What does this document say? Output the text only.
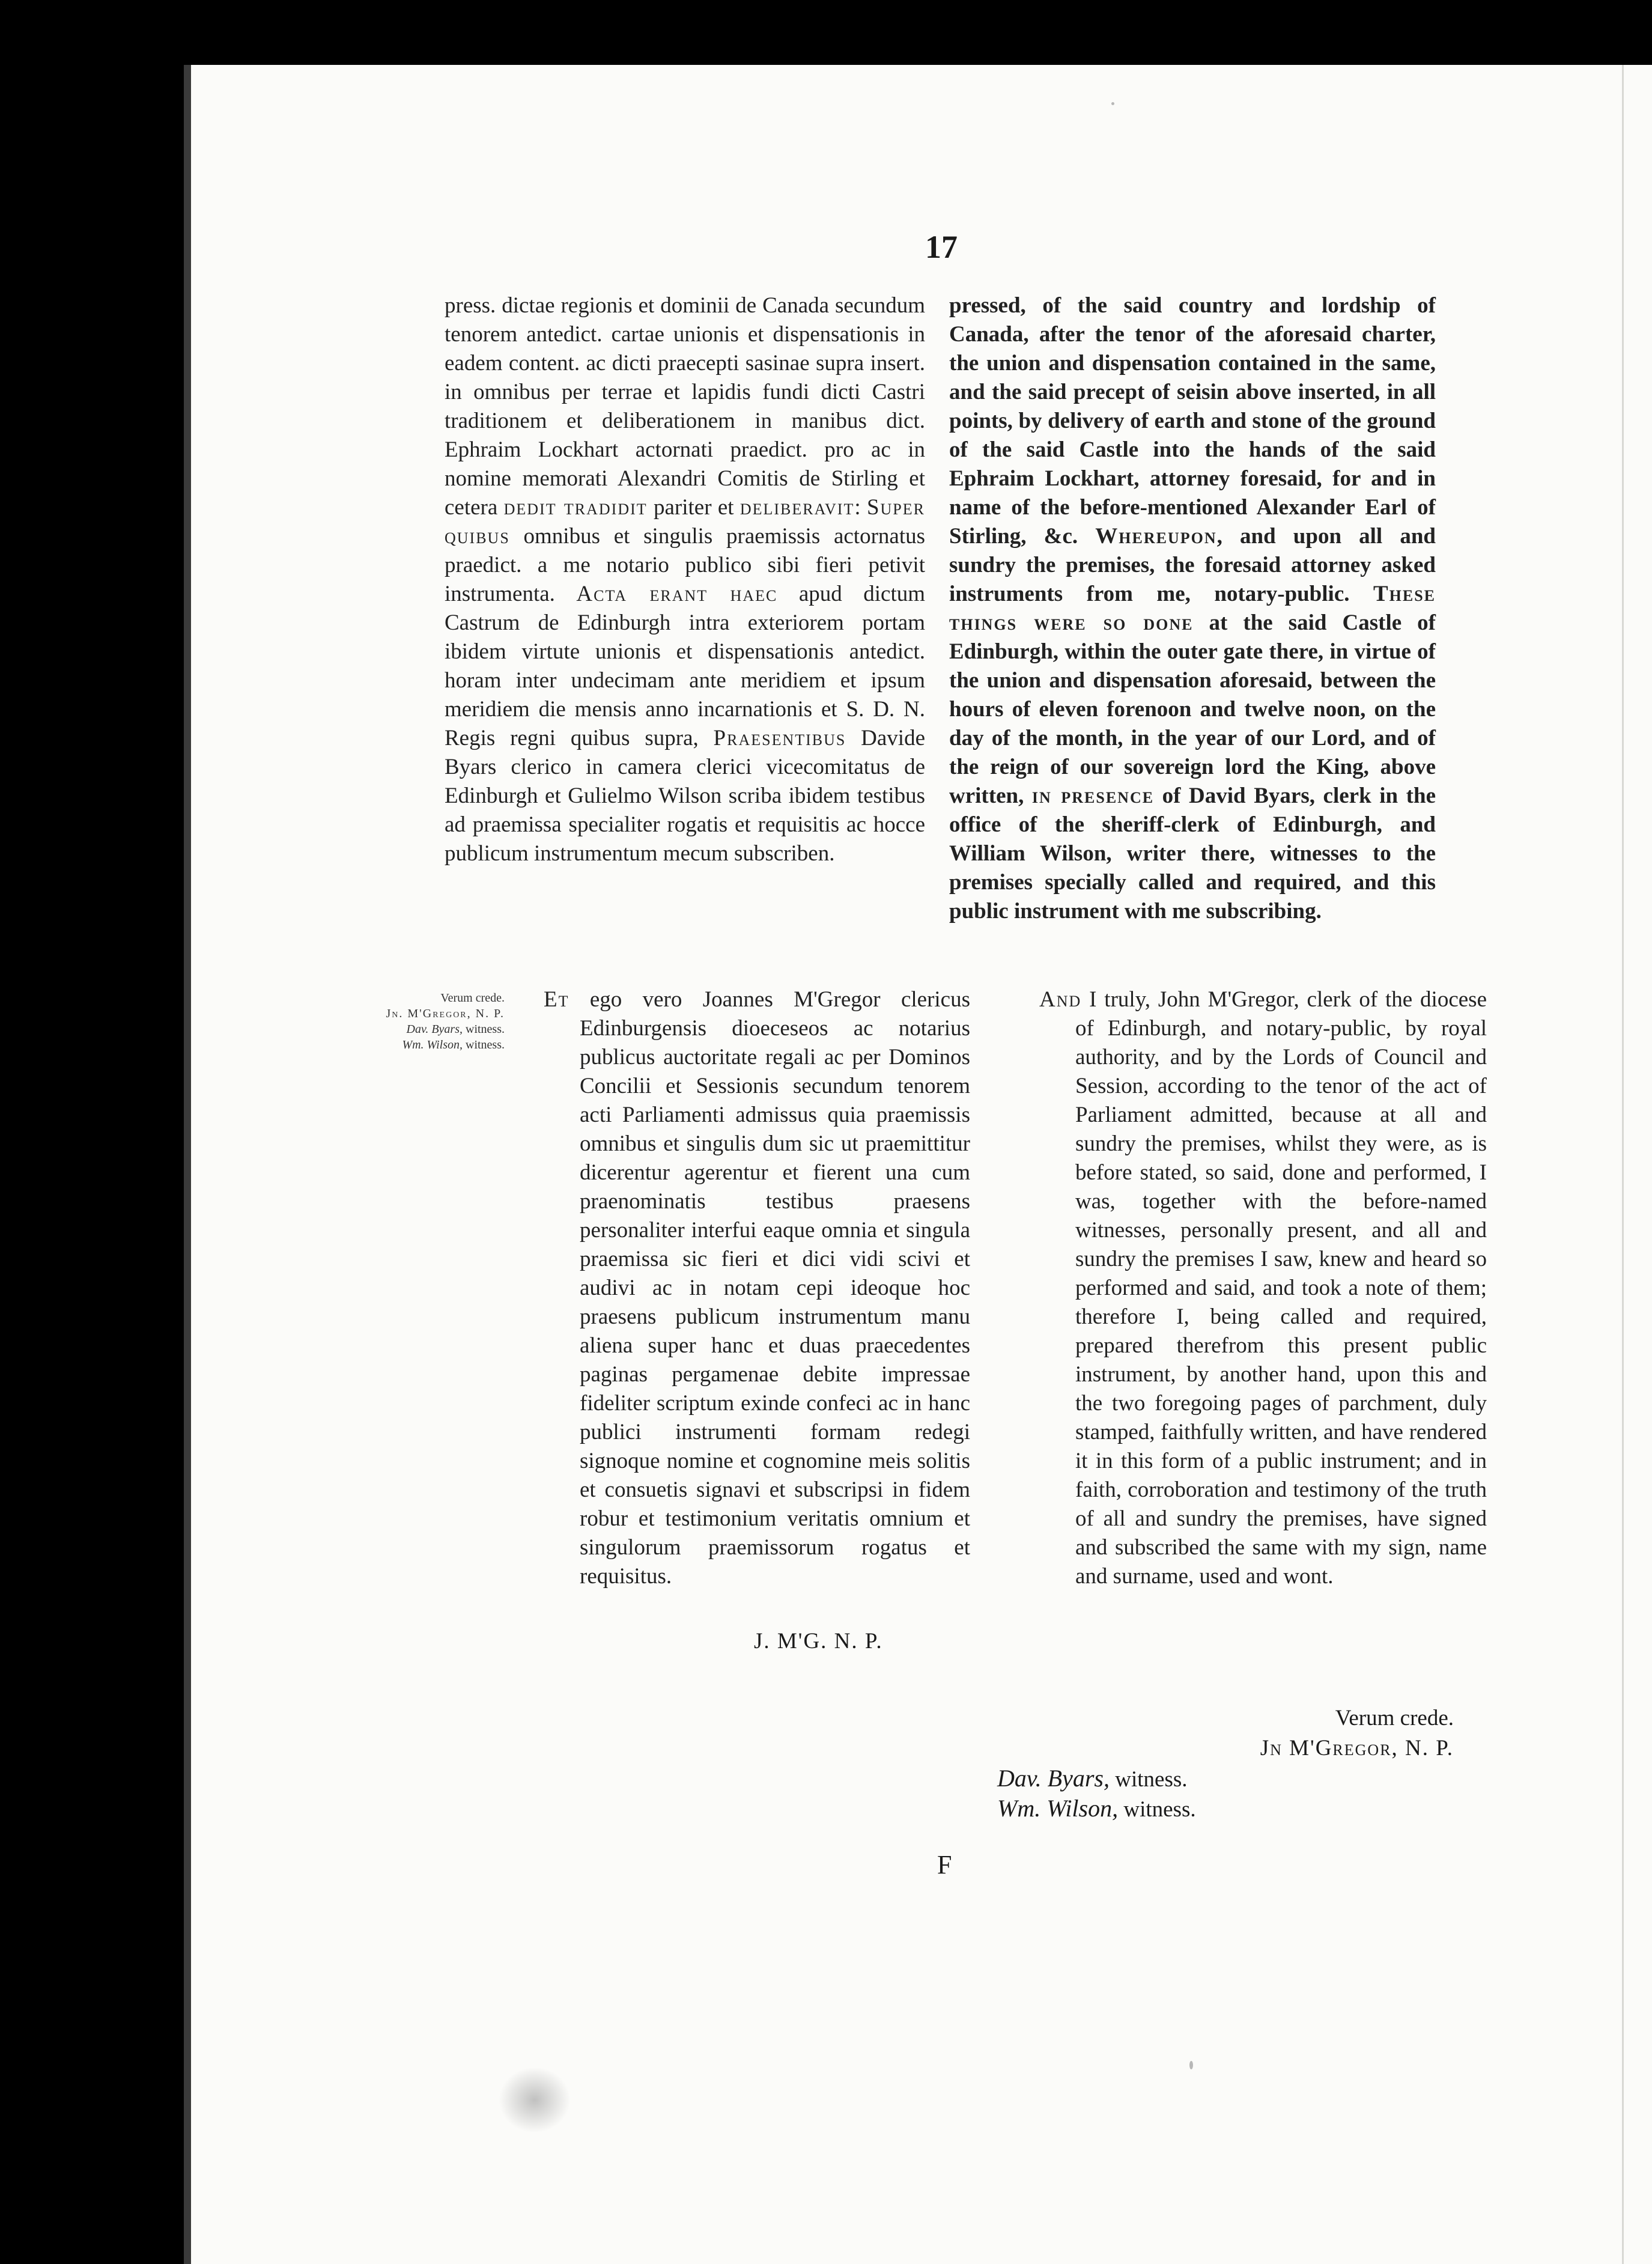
17

press. dictae regionis et dominii de Canada secundum tenorem antedict. cartae unionis et dispensationis in eadem content. ac dicti praecepti sasinae supra insert. in omnibus per terrae et lapidis fundi dicti Castri traditionem et deliberationem in manibus dict. Ephraim Lockhart actornati praedict. pro ac in nomine memorati Alexandri Comitis de Stirling et cetera dedit tradidit pariter et deliberavit: Super quibus omnibus et singulis praemissis actornatus praedict. a me notario publico sibi fieri petivit instrumenta. Acta erant haec apud dictum Castrum de Edinburgh intra exteriorem portam ibidem virtute unionis et dispensationis antedict. horam inter undecimam ante meridiem et ipsum meridiem die mensis anno incarnationis et S. D. N. Regis regni quibus supra, Praesentibus Davide Byars clerico in camera clerici vicecomitatus de Edinburgh et Gulielmo Wilson scriba ibidem testibus ad praemissa specialiter rogatis et requisitis ac hocce publicum instrumentum mecum subscriben.

pressed, of the said country and lordship of Canada, after the tenor of the aforesaid charter, the union and dispensation contained in the same, and the said precept of seisin above inserted, in all points, by delivery of earth and stone of the ground of the said Castle into the hands of the said Ephraim Lockhart, attorney foresaid, for and in name of the before-mentioned Alexander Earl of Stirling, &c. Whereupon, and upon all and sundry the premises, the foresaid attorney asked instruments from me, notary-public. These things were so done at the said Castle of Edinburgh, within the outer gate there, in virtue of the union and dispensation aforesaid, between the hours of eleven forenoon and twelve noon, on the day of the month, in the year of our Lord, and of the reign of our sovereign lord the King, above written, in presence of David Byars, clerk in the office of the sheriff-clerk of Edinburgh, and William Wilson, writer there, witnesses to the premises specially called and required, and this public instrument with me subscribing.

Verum crede.
Jn. M'Gregor, N. P.
Dav. Byars, witness.
Wm. Wilson, witness.

Et ego vero Joannes M'Gregor clericus Edinburgensis dioeceseos ac notarius publicus auctoritate regali ac per Dominos Concilii et Sessionis secundum tenorem acti Parliamenti admissus quia praemissis omnibus et singulis dum sic ut praemittitur dicerentur agerentur et fierent una cum praenominatis testibus praesens personaliter interfui eaque omnia et singula praemissa sic fieri et dici vidi scivi et audivi ac in notam cepi ideoque hoc praesens publicum instrumentum manu aliena super hanc et duas praecedentes paginas pergamenae debite impressae fideliter scriptum exinde confeci ac in hanc publici instrumenti formam redegi signoque nomine et cognomine meis solitis et consuetis signavi et subscripsi in fidem robur et testimonium veritatis omnium et singulorum praemissorum rogatus et requisitus.

J. M'G. N. P.

And I truly, John M'Gregor, clerk of the diocese of Edinburgh, and notary-public, by royal authority, and by the Lords of Council and Session, according to the tenor of the act of Parliament admitted, because at all and sundry the premises, whilst they were, as is before stated, so said, done and performed, I was, together with the before-named witnesses, personally present, and all and sundry the premises I saw, knew and heard so performed and said, and took a note of them; therefore I, being called and required, prepared therefrom this present public instrument, by another hand, upon this and the two foregoing pages of parchment, duly stamped, faithfully written, and have rendered it in this form of a public instrument; and in faith, corroboration and testimony of the truth of all and sundry the premises, have signed and subscribed the same with my sign, name and surname, used and wont.

Verum crede.
Jn M'Gregor, N. P.
Dav. Byars, witness.
Wm. Wilson, witness.
F
